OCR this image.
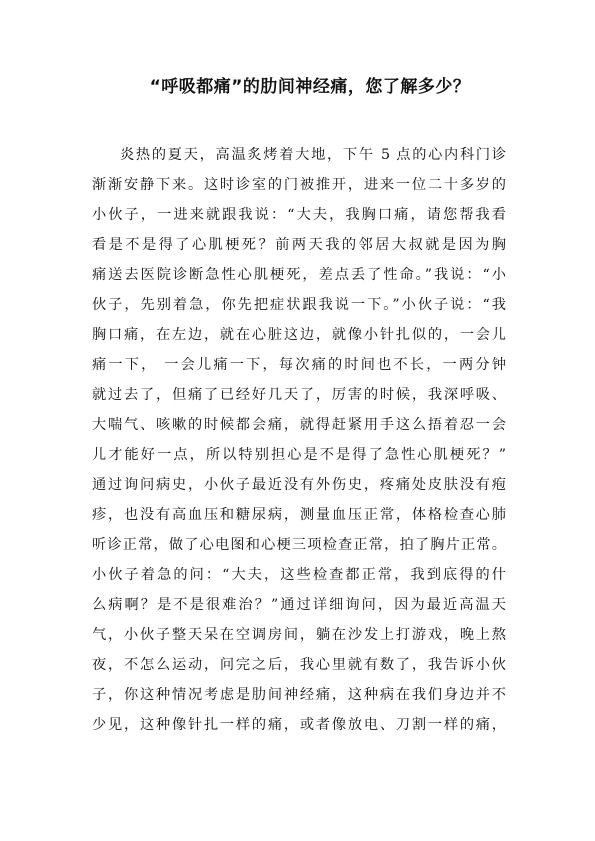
“呼吸都痛”的肋间神经痛，您了解多少？
炎热的夏天，高温炙烤着大地，下午 5 点的心内科门诊
渐渐安静下来。这时诊室的门被推开，进来一位二十多岁的
小伙子，一进来就跟我说：“大夫，我胸口痛，请您帮我看
看是不是得了心肌梗死？前两天我的邻居大叔就是因为胸
痛送去医院诊断急性心肌梗死，差点丢了性命。”我说：“小
伙子，先别着急，你先把症状跟我说一下。”小伙子说：“我
胸口痛，在左边，就在心脏这边，就像小针扎似的，一会儿
痛一下， 一会儿痛一下，每次痛的时间也不长，一两分钟
就过去了，但痛了已经好几天了，厉害的时候，我深呼吸、
大喘气、咳嗽的时候都会痛，就得赶紧用手这么捂着忍一会
儿才能好一点，所以特别担心是不是得了急性心肌梗死？”
通过询问病史，小伙子最近没有外伤史，疼痛处皮肤没有疱
疹，也没有高血压和糖尿病，测量血压正常，体格检查心肺
听诊正常，做了心电图和心梗三项检查正常，拍了胸片正常。
小伙子着急的问：“大夫，这些检查都正常，我到底得的什
么病啊？是不是很难治？”通过详细询问，因为最近高温天
气，小伙子整天呆在空调房间，躺在沙发上打游戏，晚上熬
夜，不怎么运动，问完之后，我心里就有数了，我告诉小伙
子，你这种情况考虑是肋间神经痛，这种病在我们身边并不
少见，这种像针扎一样的痛，或者像放电、刀割一样的痛，
